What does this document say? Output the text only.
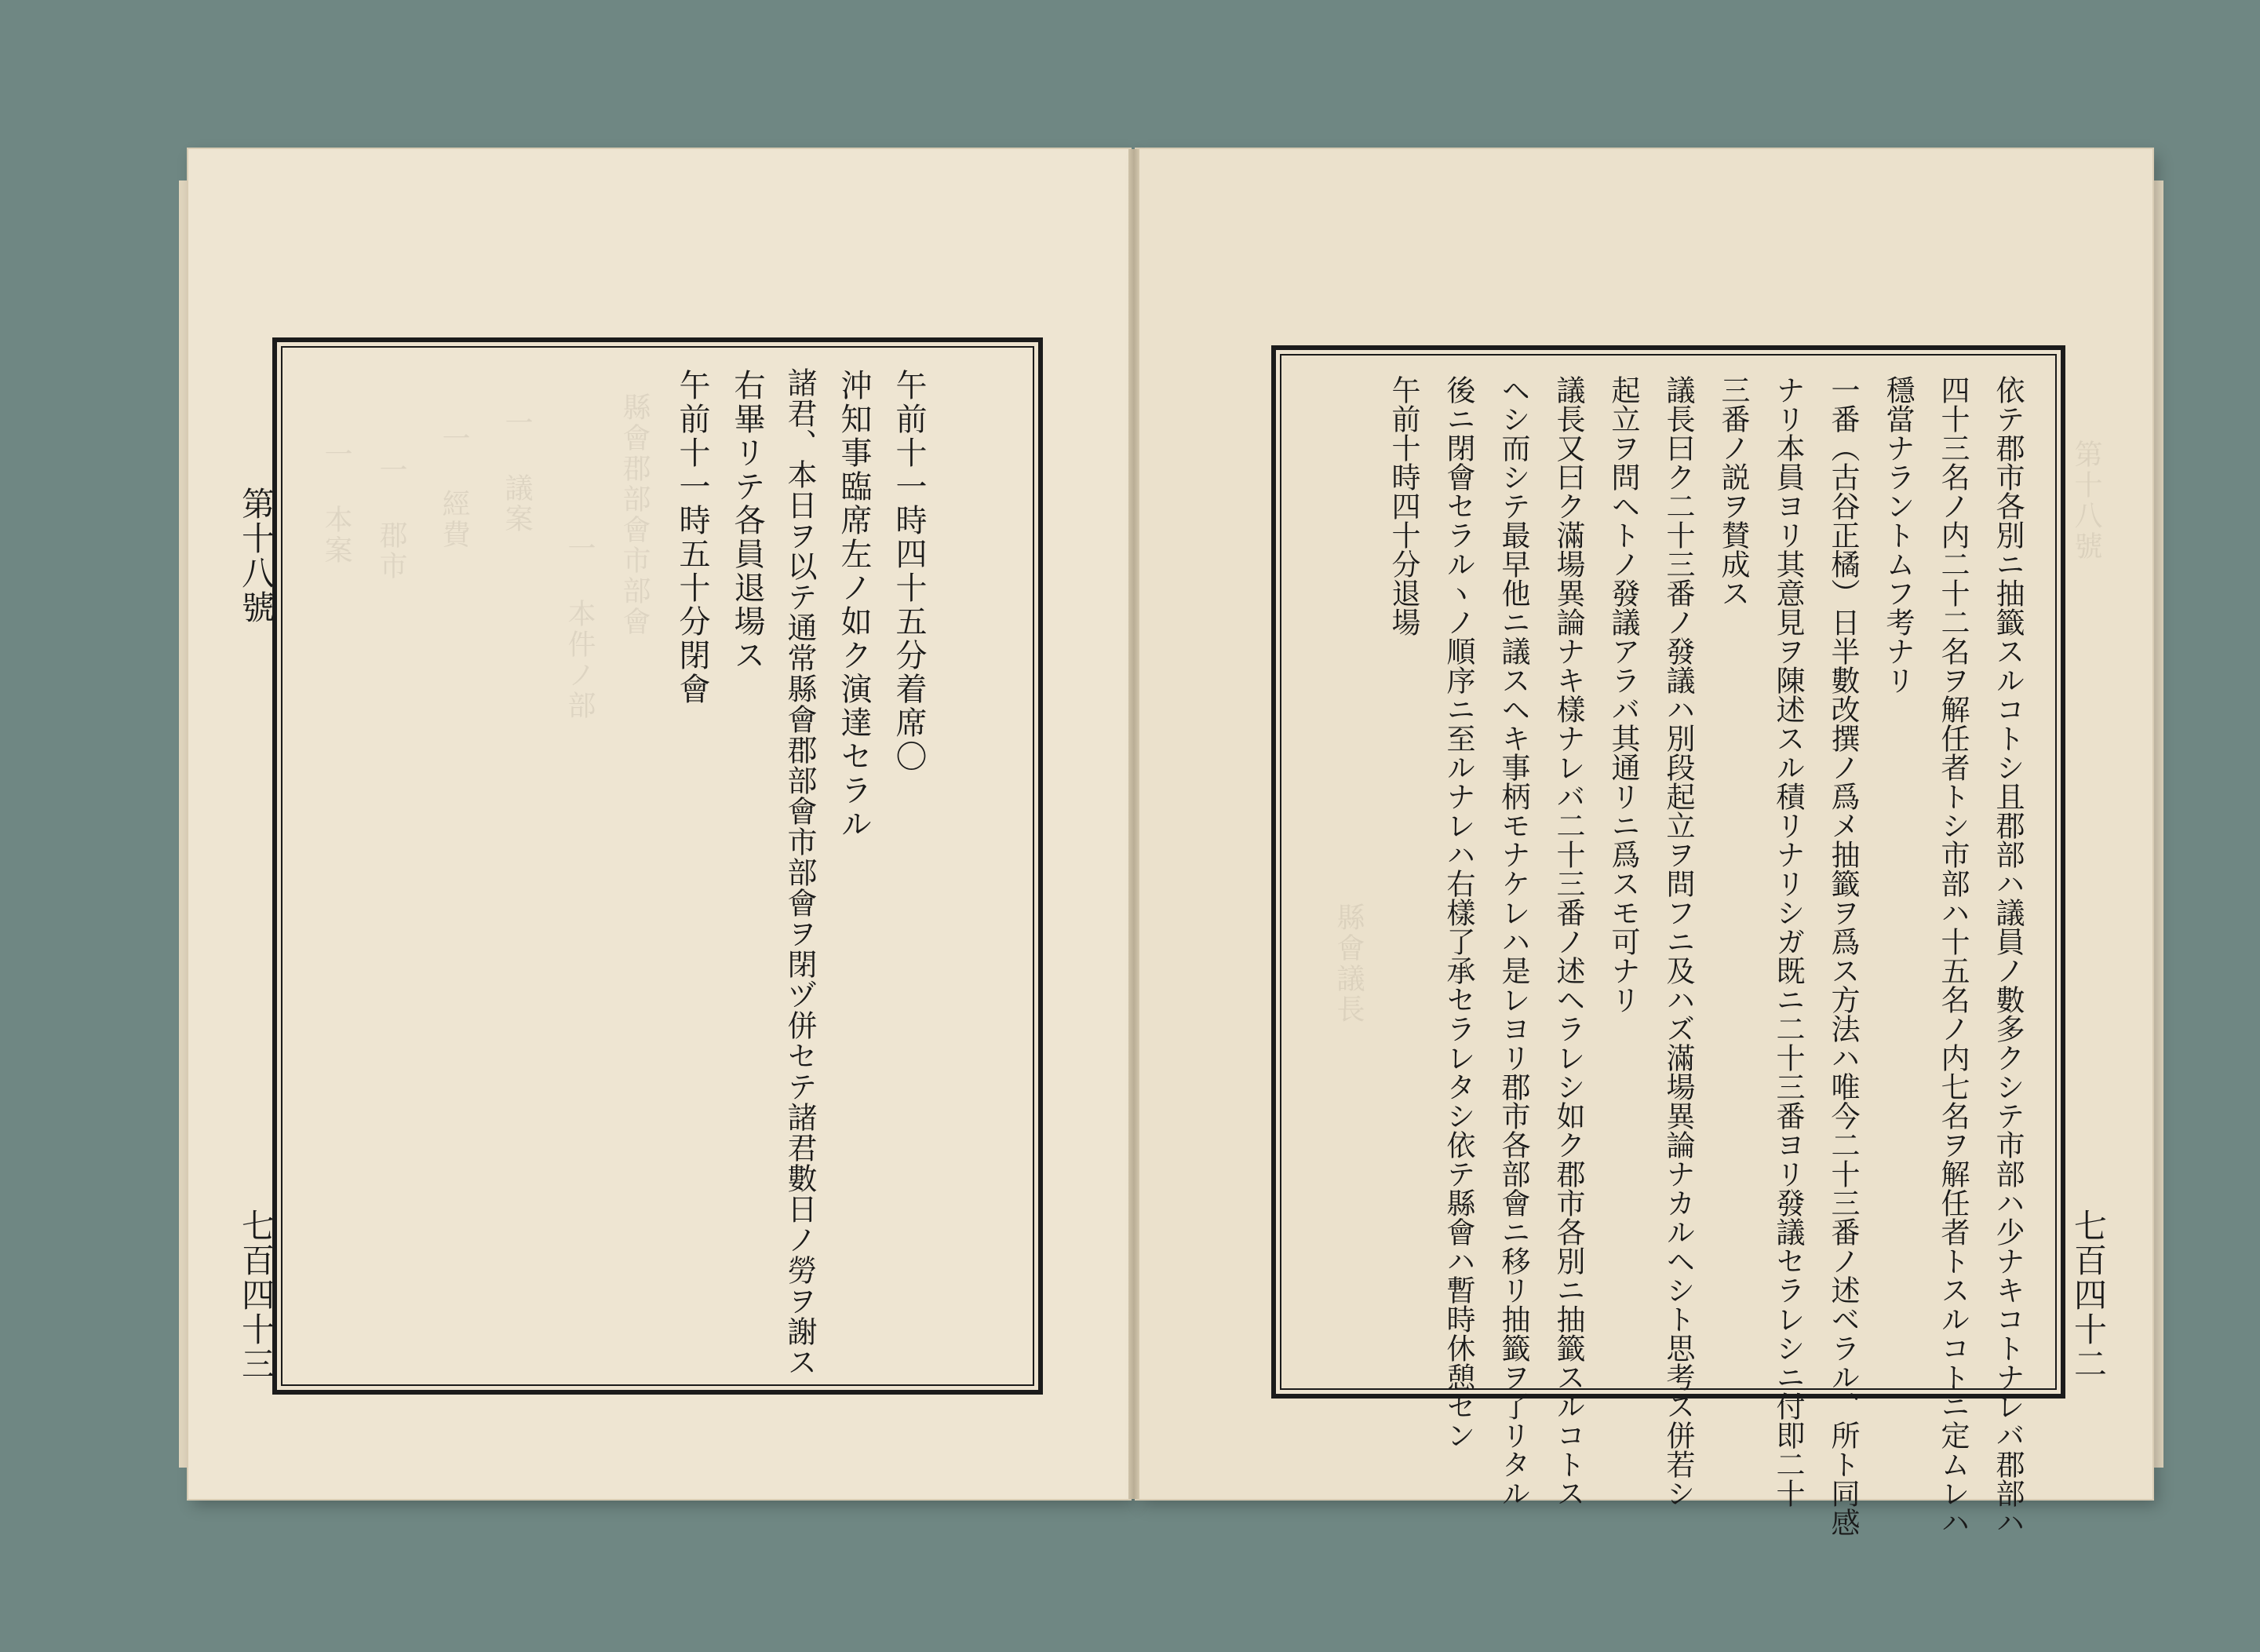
第十八號
七百四十三
午前十一時四十五分着席〇
沖知事臨席左ノ如ク演達セラル
諸君、本日ヲ以テ通常縣會郡部會市部會ヲ閉ヅ併セテ諸君數日ノ勞ヲ謝ス
右畢リテ各員退場ス
午前十一時五十分閉會
縣會郡部會市部會
一 本件ノ部
一 議案
一 經費
一 郡市
一 本案
七百四十二
依テ郡市各別ニ抽籤スルコトシ且郡部ハ議員ノ數多クシテ市部ハ少ナキコトナレバ郡部ハ
四十三名ノ内二十二名ヲ解任者トシ市部ハ十五名ノ内七名ヲ解任者トスルコトニ定ムレハ
穩當ナラントムフ考ナリ
一番（古谷正橘）日半數改撰ノ爲メ抽籤ヲ爲ス方法ハ唯今二十三番ノ述ベラル、所ト同感
ナリ本員ヨリ其意見ヲ陳述スル積リナリシガ既ニ二十三番ヨリ發議セラレシニ付即二十
三番ノ説ヲ賛成ス
議長曰ク二十三番ノ發議ハ別段起立ヲ問フニ及ハズ滿場異論ナカルヘシト思考ス併若シ
起立ヲ問ヘトノ發議アラバ其通リニ爲スモ可ナリ
議長又曰ク滿場異論ナキ樣ナレバ二十三番ノ述ヘラレシ如ク郡市各別ニ抽籤スルコトス
ヘシ而シテ最早他ニ議スヘキ事柄モナケレハ是レヨリ郡市各部會ニ移リ抽籤ヲ了リタル
後ニ閉會セラルヽノ順序ニ至ルナレハ右樣了承セラレタシ依テ縣會ハ暫時休憩セン
午前十時四十分退場	第十八號
縣會議長
